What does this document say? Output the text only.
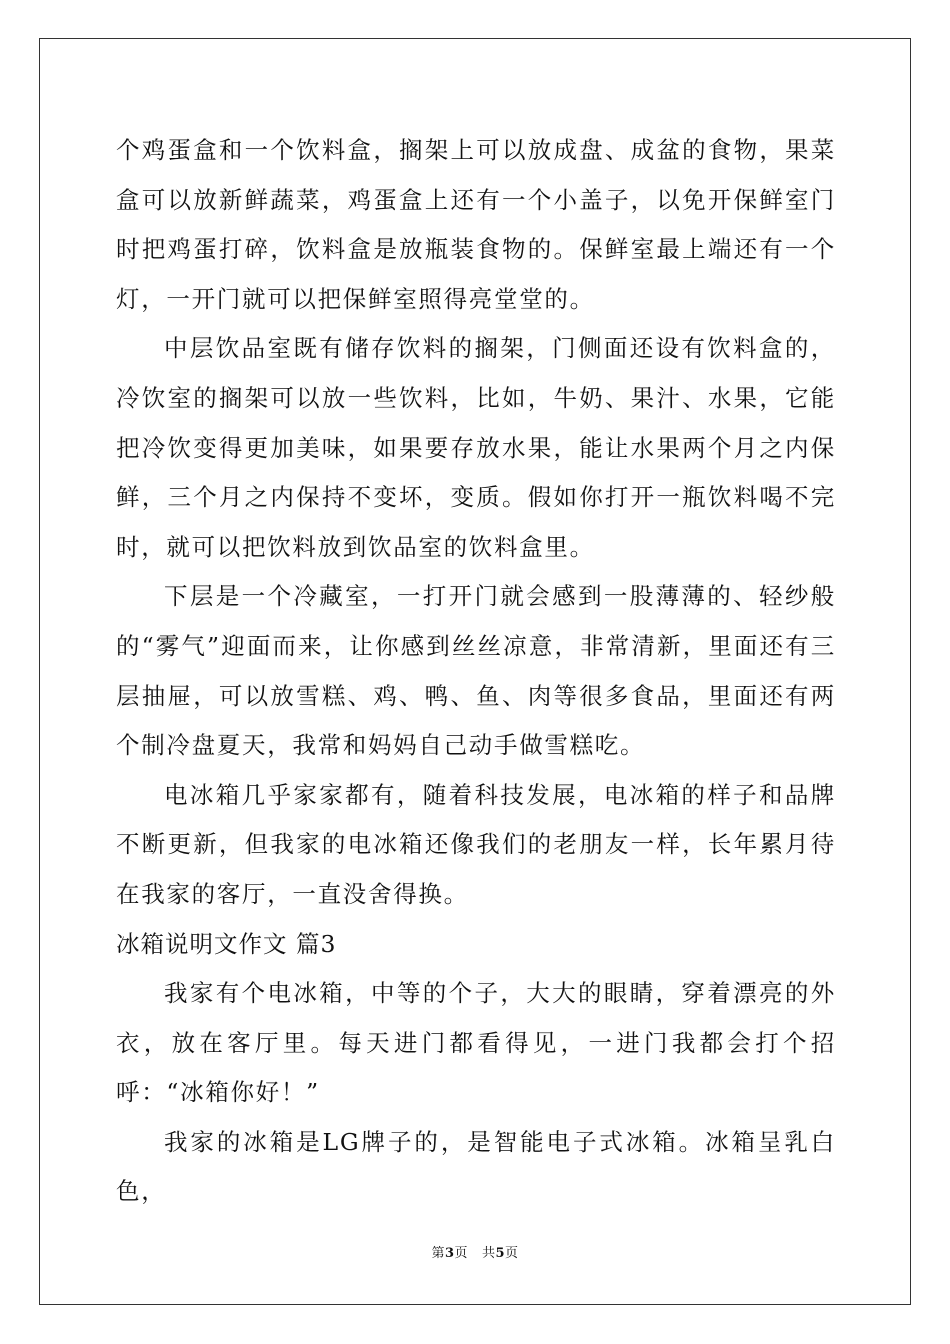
个鸡蛋盒和一个饮料盒，搁架上可以放成盘、成盆的食物，果菜盒可以放新鲜蔬菜，鸡蛋盒上还有一个小盖子，以免开保鲜室门时把鸡蛋打碎，饮料盒是放瓶装食物的。保鲜室最上端还有一个灯，一开门就可以把保鲜室照得亮堂堂的。

中层饮品室既有储存饮料的搁架，门侧面还设有饮料盒的，冷饮室的搁架可以放一些饮料，比如，牛奶、果汁、水果，它能把冷饮变得更加美味，如果要存放水果，能让水果两个月之内保鲜，三个月之内保持不变坏，变质。假如你打开一瓶饮料喝不完时，就可以把饮料放到饮品室的饮料盒里。

下层是一个冷藏室，一打开门就会感到一股薄薄的、轻纱般的“雾气”迎面而来，让你感到丝丝凉意，非常清新，里面还有三层抽屉，可以放雪糕、鸡、鸭、鱼、肉等很多食品，里面还有两个制冷盘夏天，我常和妈妈自己动手做雪糕吃。

电冰箱几乎家家都有，随着科技发展，电冰箱的样子和品牌不断更新，但我家的电冰箱还像我们的老朋友一样，长年累月待在我家的客厅，一直没舍得换。

冰箱说明文作文 篇3

我家有个电冰箱，中等的个子，大大的眼睛，穿着漂亮的外衣，放在客厅里。每天进门都看得见，一进门我都会打个招呼：“冰箱你好！”

我家的冰箱是LG牌子的，是智能电子式冰箱。冰箱呈乳白色，

第3页 共5页
